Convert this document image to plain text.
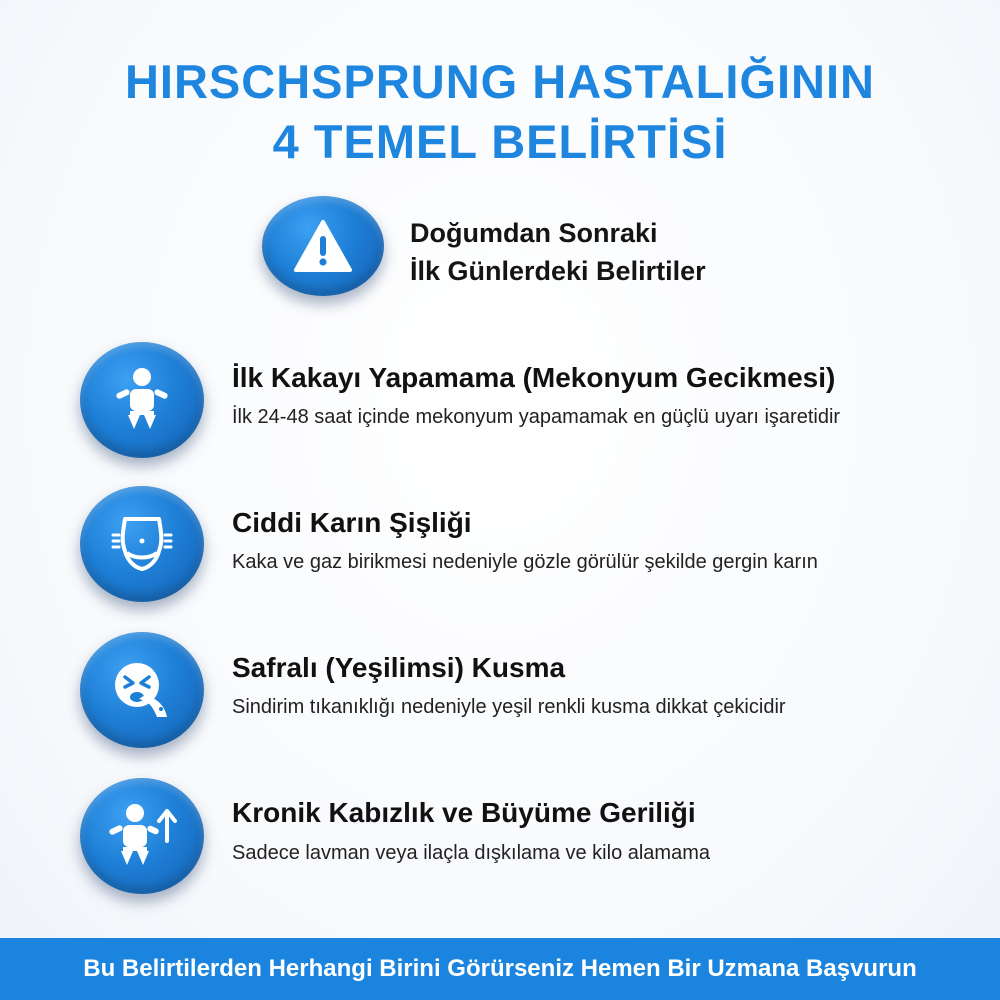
HIRSCHSPRUNG HASTALIĞININ
4 TEMEL BELİRTİSİ
Doğumdan Sonraki
İlk Günlerdeki Belirtiler
İlk Kakayı Yapamama (Mekonyum Gecikmesi)
İlk 24-48 saat içinde mekonyum yapamamak en güçlü uyarı işaretidir
Ciddi Karın Şişliği
Kaka ve gaz birikmesi nedeniyle gözle görülür şekilde gergin karın
Safralı (Yeşilimsi) Kusma
Sindirim tıkanıklığı nedeniyle yeşil renkli kusma dikkat çekicidir
Kronik Kabızlık ve Büyüme Geriliği
Sadece lavman veya ilaçla dışkılama ve kilo alamama
Bu Belirtilerden Herhangi Birini Görürseniz Hemen Bir Uzmana Başvurun
